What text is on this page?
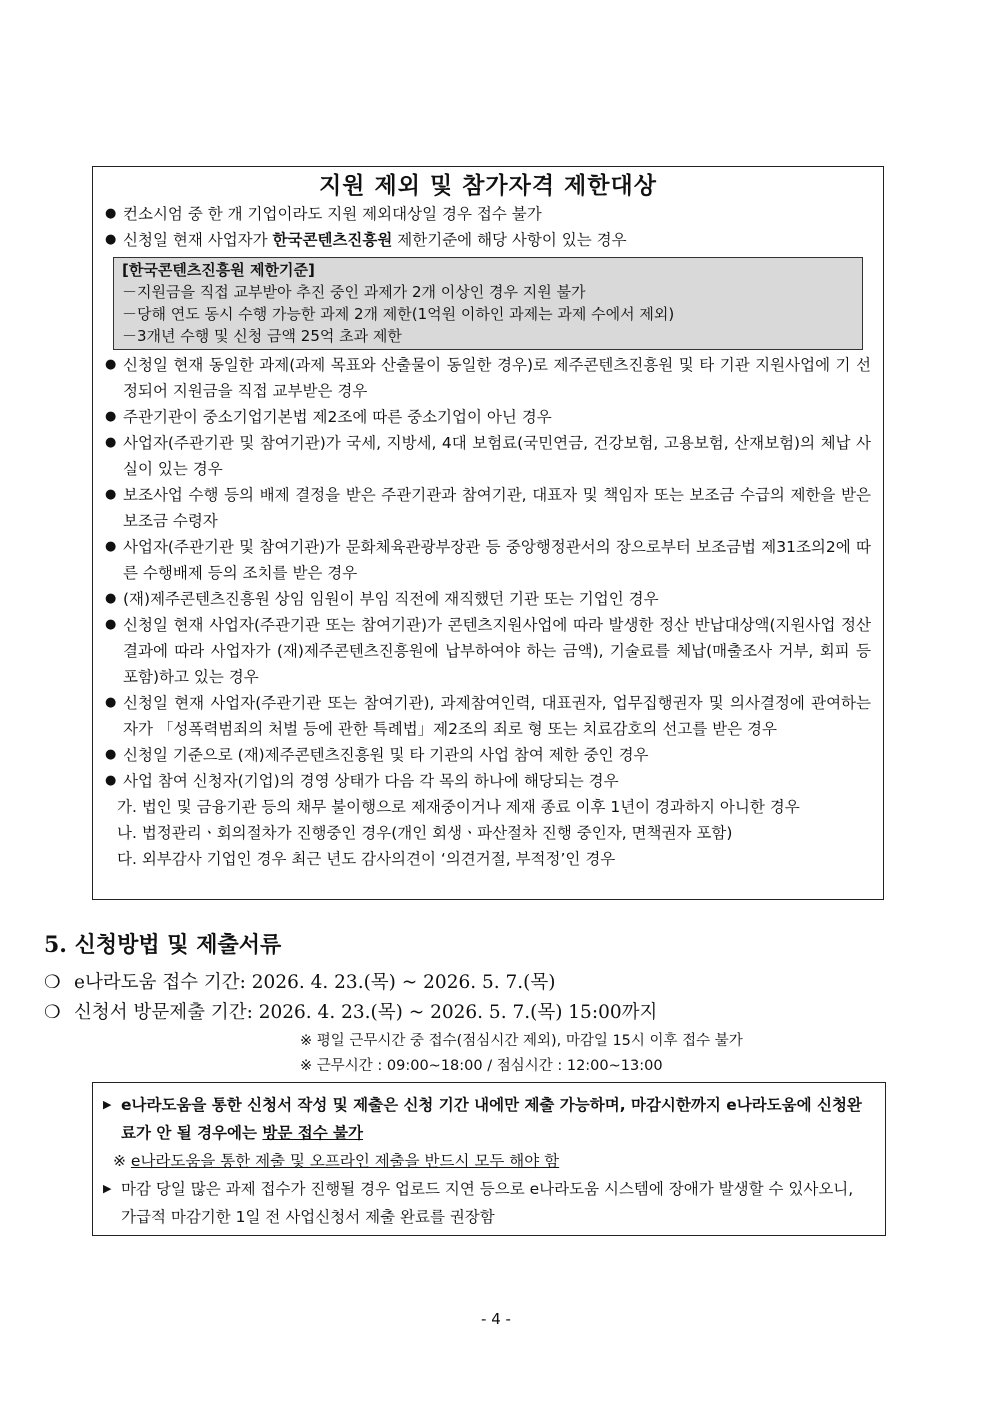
지원 제외 및 참가자격 제한대상
● 컨소시엄 중 한 개 기업이라도 지원 제외대상일 경우 접수 불가
● 신청일 현재 사업자가 한국콘텐츠진흥원 제한기준에 해당 사항이 있는 경우
[한국콘텐츠진흥원 제한기준]
－지원금을 직접 교부받아 추진 중인 과제가 2개 이상인 경우 지원 불가
－당해 연도 동시 수행 가능한 과제 2개 제한(1억원 이하인 과제는 과제 수에서 제외)
－3개년 수행 및 신청 금액 25억 초과 제한
● 신청일 현재 동일한 과제(과제 목표와 산출물이 동일한 경우)로 제주콘텐츠진흥원 및 타 기관 지원사업에 기 선정되어 지원금을 직접 교부받은 경우
● 주관기관이 중소기업기본법 제2조에 따른 중소기업이 아닌 경우
● 사업자(주관기관 및 참여기관)가 국세, 지방세, 4대 보험료(국민연금, 건강보험, 고용보험, 산재보험)의 체납 사실이 있는 경우
● 보조사업 수행 등의 배제 결정을 받은 주관기관과 참여기관, 대표자 및 책임자 또는 보조금 수급의 제한을 받은 보조금 수령자
● 사업자(주관기관 및 참여기관)가 문화체육관광부장관 등 중앙행정관서의 장으로부터 보조금법 제31조의2에 따른 수행배제 등의 조치를 받은 경우
● (재)제주콘텐츠진흥원 상임 임원이 부임 직전에 재직했던 기관 또는 기업인 경우
● 신청일 현재 사업자(주관기관 또는 참여기관)가 콘텐츠지원사업에 따라 발생한 정산 반납대상액(지원사업 정산결과에 따라 사업자가 (재)제주콘텐츠진흥원에 납부하여야 하는 금액), 기술료를 체납(매출조사 거부, 회피 등 포함)하고 있는 경우
● 신청일 현재 사업자(주관기관 또는 참여기관), 과제참여인력, 대표권자, 업무집행권자 및 의사결정에 관여하는 자가 「성폭력범죄의 처벌 등에 관한 특례법」제2조의 죄로 형 또는 치료감호의 선고를 받은 경우
● 신청일 기준으로 (재)제주콘텐츠진흥원 및 타 기관의 사업 참여 제한 중인 경우
● 사업 참여 신청자(기업)의 경영 상태가 다음 각 목의 하나에 해당되는 경우
가. 법인 및 금융기관 등의 채무 불이행으로 제재중이거나 제재 종료 이후 1년이 경과하지 아니한 경우
나. 법정관리ㆍ회의절차가 진행중인 경우(개인 회생ㆍ파산절차 진행 중인자, 면책권자 포함)
다. 외부감사 기업인 경우 최근 년도 감사의견이 ‘의견거절, 부적정’인 경우
5. 신청방법 및 제출서류
❍ e나라도움 접수 기간: 2026. 4. 23.(목) ~ 2026. 5. 7.(목)
❍ 신청서 방문제출 기간: 2026. 4. 23.(목) ~ 2026. 5. 7.(목) 15:00까지
※ 평일 근무시간 중 접수(점심시간 제외), 마감일 15시 이후 접수 불가
※ 근무시간 : 09:00~18:00 / 점심시간 : 12:00~13:00
▶ e나라도움을 통한 신청서 작성 및 제출은 신청 기간 내에만 제출 가능하며, 마감시한까지 e나라도움에 신청완료가 안 될 경우에는 방문 접수 불가
※ e나라도움을 통한 제출 및 오프라인 제출을 반드시 모두 해야 함
▶ 마감 당일 많은 과제 접수가 진행될 경우 업로드 지연 등으로 e나라도움 시스템에 장애가 발생할 수 있사오니, 가급적 마감기한 1일 전 사업신청서 제출 완료를 권장함
- 4 -
